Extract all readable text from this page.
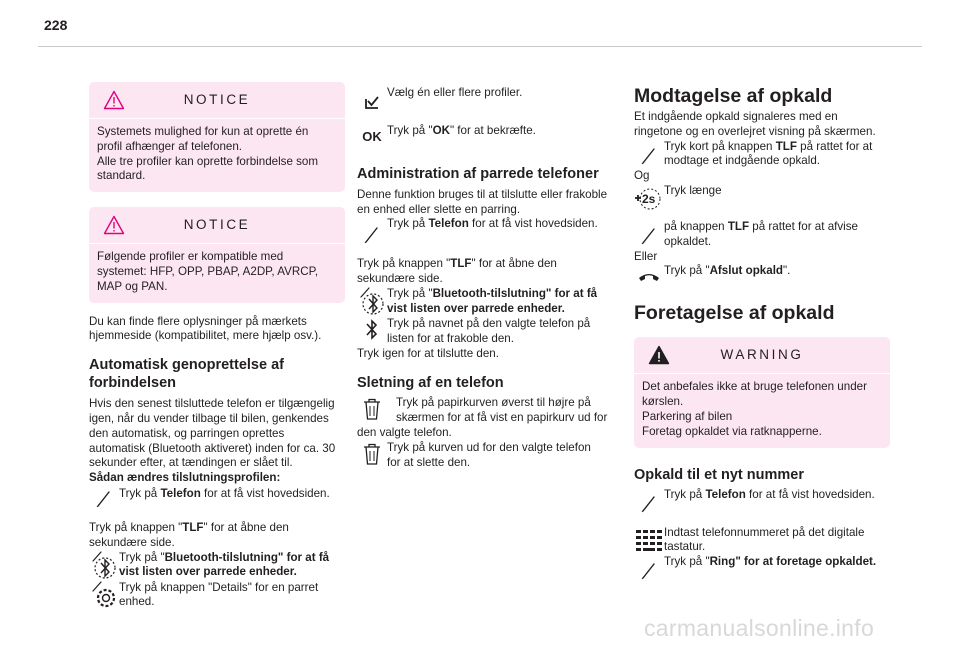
228
NOTICE

Systemets mulighed for kun at oprette én

profil afhænger af telefonen.

Alle tre profiler kan oprette forbindelse som

standard.

NOTICE

Følgende profiler er kompatible med

systemet: HFP, OPP, PBAP, A2DP, AVRCP,

MAP og PAN.

Du kan finde flere oplysninger på mærkets

hjemmeside (kompatibilitet, mere hjælp osv.).

Automatisk genoprettelse af
forbindelsen

Hvis den senest tilsluttede telefon er tilgængelig

igen, når du vender tilbage til bilen, genkendes

den automatisk, og parringen oprettes

automatisk (Bluetooth aktiveret) inden for ca. 30

sekunder efter, at tændingen er slået til.

Sådan ændres tilslutningsprofilen:

Tryk på Telefon for at få vist hovedsiden.

Tryk på knappen "TLF" for at åbne den

sekundære side.

Tryk på "Bluetooth-tilslutning" for at få
vist listen over parrede enheder.
Tryk på knappen "Details" for en parret
enhed.
Vælg én eller flere profiler.
OK Tryk på "OK" for at bekræfte.
Administration af parrede telefoner

Denne funktion bruges til at tilslutte eller frakoble

en enhed eller slette en parring.

Tryk på Telefon for at få vist hovedsiden.

Tryk på knappen "TLF" for at åbne den

sekundære side.

Tryk på "Bluetooth-tilslutning" for at få
vist listen over parrede enheder.
Tryk på navnet på den valgte telefon på
listen for at frakoble den.

Tryk igen for at tilslutte den.

Sletning af en telefon

Tryk på papirkurven øverst til højre på

skærmen for at få vist en papirkurv ud for

den valgte telefon.

Tryk på kurven ud for den valgte telefon
for at slette den.
Modtagelse af opkald

Et indgående opkald signaleres med en

ringetone og en overlejret visning på skærmen.

Tryk kort på knappen TLF på rattet for at
modtage et indgående opkald.

Og

2s
Tryk længe
på knappen TLF på rattet for at afvise
opkaldet.

Eller

Tryk på "Afslut opkald".
Foretagelse af opkald
WARNING

Det anbefales ikke at bruge telefonen under

kørslen.

Parkering af bilen

Foretag opkaldet via ratknapperne.

Opkald til et nyt nummer
Tryk på Telefon for at få vist hovedsiden.
Indtast telefonnummeret på det digitale
tastatur.
Tryk på "Ring" for at foretage opkaldet.
carmanualsonline.info
